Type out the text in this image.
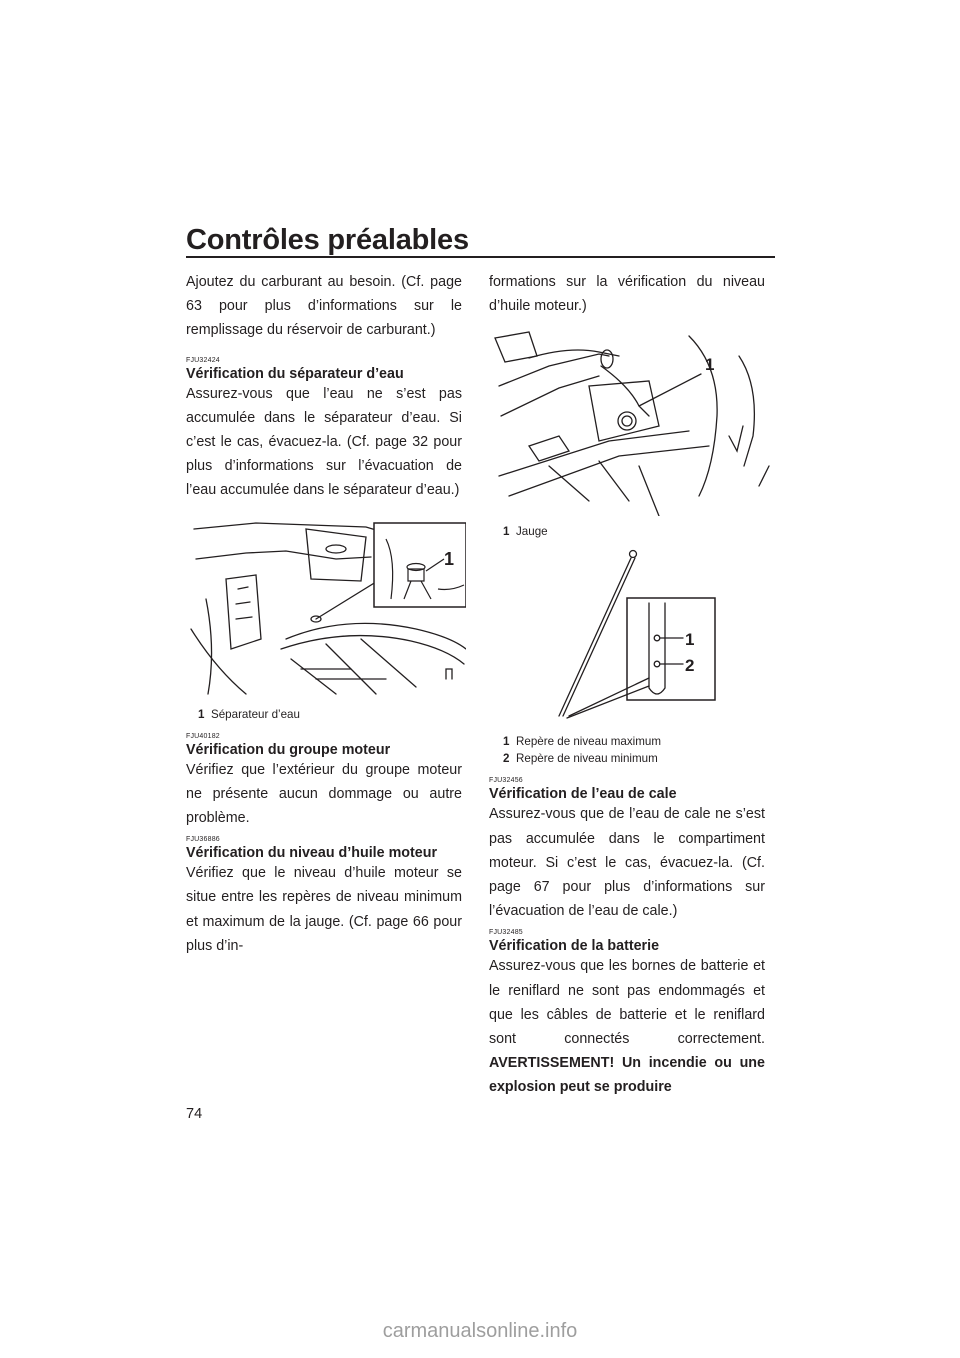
Contrôles préalables

Ajoutez du carburant au besoin. (Cf. page 63 pour plus d’informations sur le remplissage du réservoir de carburant.)

FJU32424
Vérification du séparateur d’eau

Assurez-vous que l’eau ne s’est pas accumulée dans le séparateur d’eau. Si c’est le cas, évacuez-la. (Cf. page 32 pour plus d’informations sur l’évacuation de l’eau accumulée dans le séparateur d’eau.)

1
1 Séparateur d’eau
FJU40182
Vérification du groupe moteur

Vérifiez que l’extérieur du groupe moteur ne présente aucun dommage ou autre problème.

FJU36886
Vérification du niveau d’huile moteur

Vérifiez que le niveau d’huile moteur se situe entre les repères de niveau minimum et maximum de la jauge. (Cf. page 66 pour plus d’in-

formations sur la vérification du niveau d’huile moteur.)

1
1 Jauge
1
2
1 Repère de niveau maximum
2 Repère de niveau minimum
FJU32456
Vérification de l’eau de cale

Assurez-vous que de l’eau de cale ne s’est pas accumulée dans le compartiment moteur. Si c’est le cas, évacuez-la. (Cf. page 67 pour plus d’informations sur l’évacuation de l’eau de cale.)

FJU32485
Vérification de la batterie

Assurez-vous que les bornes de batterie et le reniflard ne sont pas endommagés et que les câbles de batterie et le reniflard sont connectés correctement. AVERTISSEMENT! Un incendie ou une explosion peut se produire

74
carmanualsonline.info
